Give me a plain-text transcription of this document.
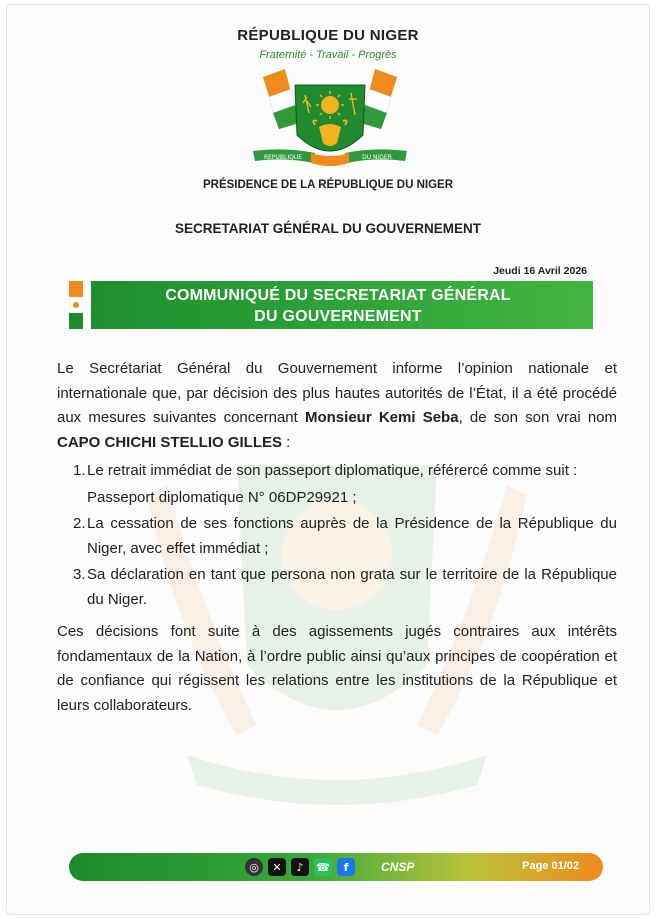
RÉPUBLIQUE DU NIGER
Fraternité - Travail - Progrès
REPUBLIQUE	DU NIGER
PRÉSIDENCE DE LA RÉPUBLIQUE DU NIGER
SECRETARIAT GÉNÉRAL DU GOUVERNEMENT
Jeudi 16 Avril 2026
COMMUNIQUÉ DU SECRETARIAT GÉNÉRAL
DU GOUVERNEMENT

Le Secrétariat Général du Gouvernement informe l’opinion nationale et internationale que, par décision des plus hautes autorités de l’État, il a été procédé aux mesures suivantes concernant Monsieur Kemi Seba, de son son vrai nom CAPO CHICHI STELLIO GILLES :

1. Le retrait immédiat de son passeport diplomatique, référercé comme suit :
Passeport diplomatique N° 06DP29921 ;
2. La cessation de ses fonctions auprès de la Présidence de la République du Niger, avec effet immédiat ;
3. Sa déclaration en tant que persona non grata sur le territoire de la République du Niger.

Ces décisions font suite à des agissements jugés contraires aux intérêts fondamentaux de la Nation, à l’ordre public ainsi qu’aux principes de coopération et de confiance qui régissent les relations entre les institutions de la République et leurs collaborateurs.

◎	✕	♪	☎	f	CNSP	Page 01/02
